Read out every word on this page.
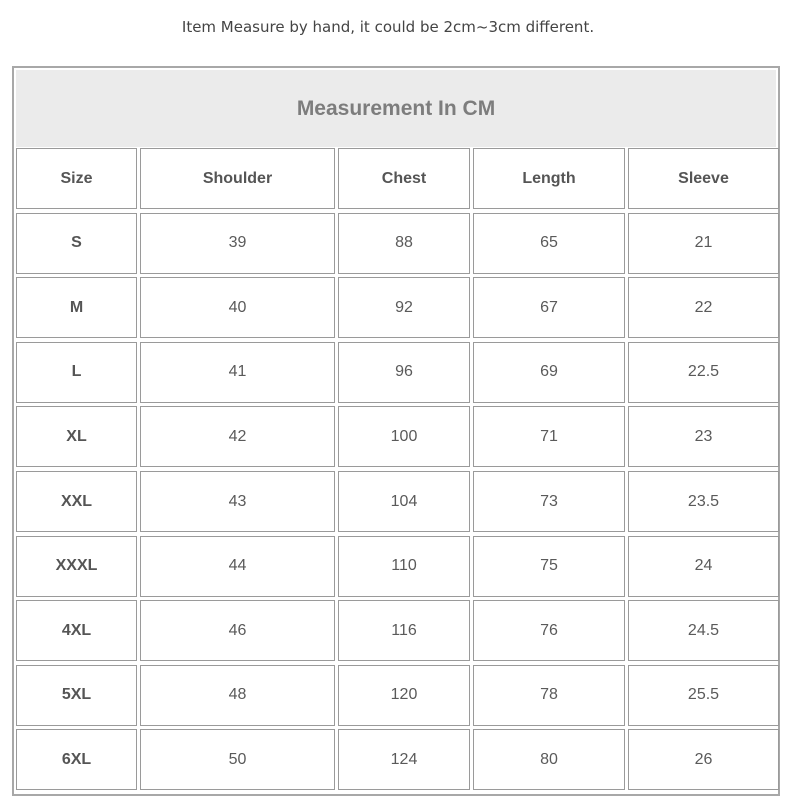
Item Measure by hand, it could be 2cm~3cm different.
Measurement In CM
Size	Shoulder	Chest	Length	Sleeve
S	39	88	65	21
M	40	92	67	22
L	41	96	69	22.5
XL	42	100	71	23
XXL	43	104	73	23.5
XXXL	44	110	75	24
4XL	46	116	76	24.5
5XL	48	120	78	25.5
6XL	50	124	80	26
